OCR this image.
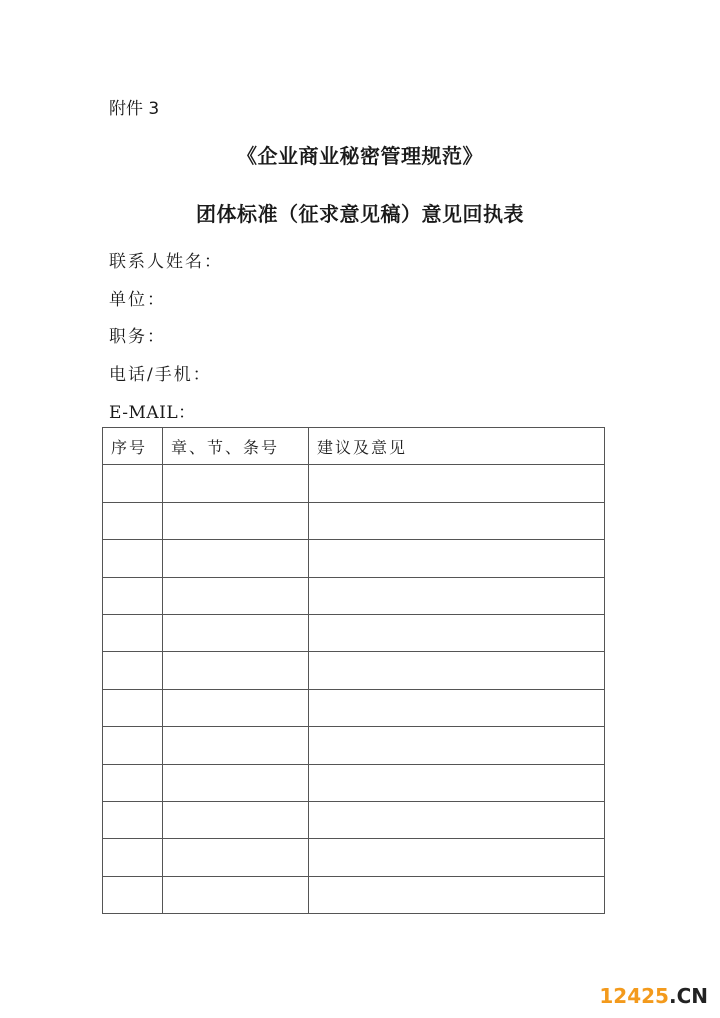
附件 3
《企业商业秘密管理规范》
团体标准（征求意见稿）意见回执表
联系人姓名：
单位：
职务：
电话/手机：
E-MAIL：
序号	章、节、条号	建议及意见

12425.CN
